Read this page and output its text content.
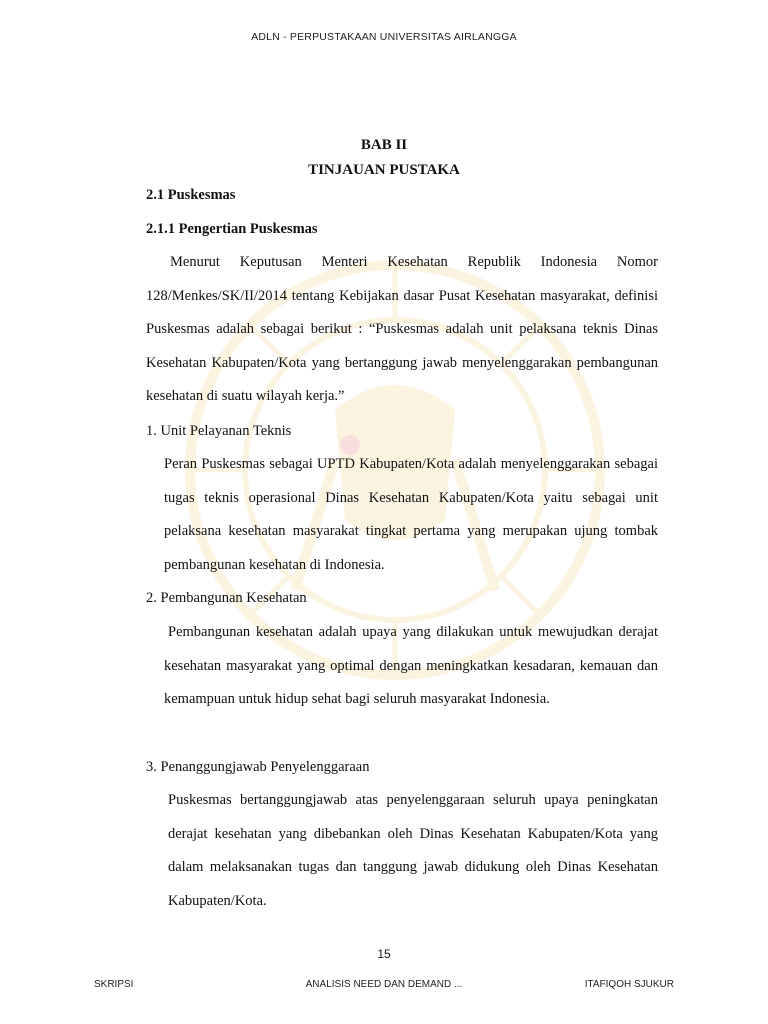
ADLN - PERPUSTAKAAN UNIVERSITAS AIRLANGGA
BAB II
TINJAUAN PUSTAKA
2.1 Puskesmas
2.1.1 Pengertian Puskesmas

Menurut Keputusan Menteri Kesehatan Republik Indonesia Nomor 128/Menkes/SK/II/2014 tentang Kebijakan dasar Pusat Kesehatan masyarakat, definisi Puskesmas adalah sebagai berikut : “Puskesmas adalah unit pelaksana teknis Dinas Kesehatan Kabupaten/Kota yang bertanggung jawab menyelenggarakan pembangunan kesehatan di suatu wilayah kerja.”

1. Unit Pelayanan Teknis

Peran Puskesmas sebagai UPTD Kabupaten/Kota adalah menyelenggarakan sebagai tugas teknis operasional Dinas Kesehatan Kabupaten/Kota yaitu sebagai unit pelaksana kesehatan masyarakat tingkat pertama yang merupakan ujung tombak pembangunan kesehatan di Indonesia.

2. Pembangunan Kesehatan

Pembangunan kesehatan adalah upaya yang dilakukan untuk mewujudkan derajat kesehatan masyarakat yang optimal dengan meningkatkan kesadaran, kemauan dan kemampuan untuk hidup sehat bagi seluruh masyarakat Indonesia.

3. Penanggungjawab Penyelenggaraan

Puskesmas bertanggungjawab atas penyelenggaraan seluruh upaya peningkatan derajat kesehatan yang dibebankan oleh Dinas Kesehatan Kabupaten/Kota yang dalam melaksanakan tugas dan tanggung jawab didukung oleh Dinas Kesehatan Kabupaten/Kota.

15
SKRIPSI	ANALISIS NEED DAN DEMAND ...	ITAFIQOH SJUKUR
